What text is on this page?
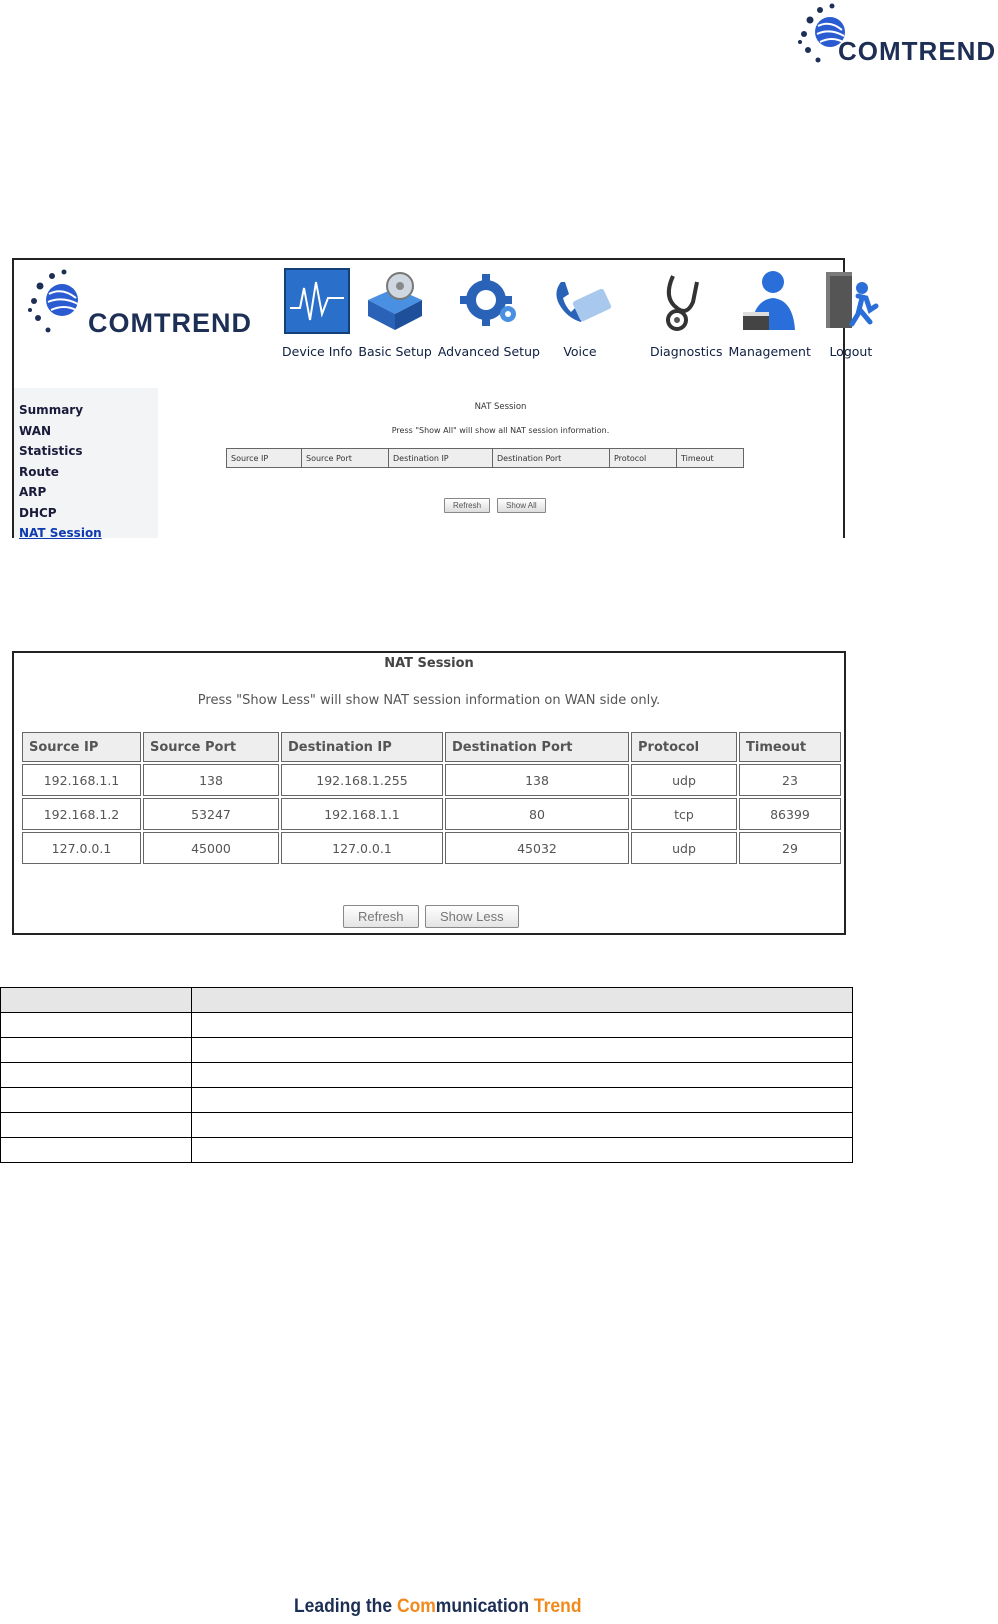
COMTREND
COMTREND
Device Info Basic Setup Advanced Setup Voice	Diagnostics Management Logout
Summary
WAN
Statistics
Route
ARP
DHCP
NAT Session
NAT Session
Press "Show All" will show all NAT session information.
Source IP	Source Port	Destination IP	Destination Port	Protocol	Timeout
Refresh	Show All
NAT Session
Press "Show Less" will show NAT session information on WAN side only.
Source IP	Source Port	Destination IP	Destination Port	Protocol	Timeout
192.168.1.1	138	192.168.1.255	138	udp	23
192.168.1.2	53247	192.168.1.1	80	tcp	86399
127.0.0.1	45000	127.0.0.1	45032	udp	29
Refresh	Show Less

Leading the Communication Trend
